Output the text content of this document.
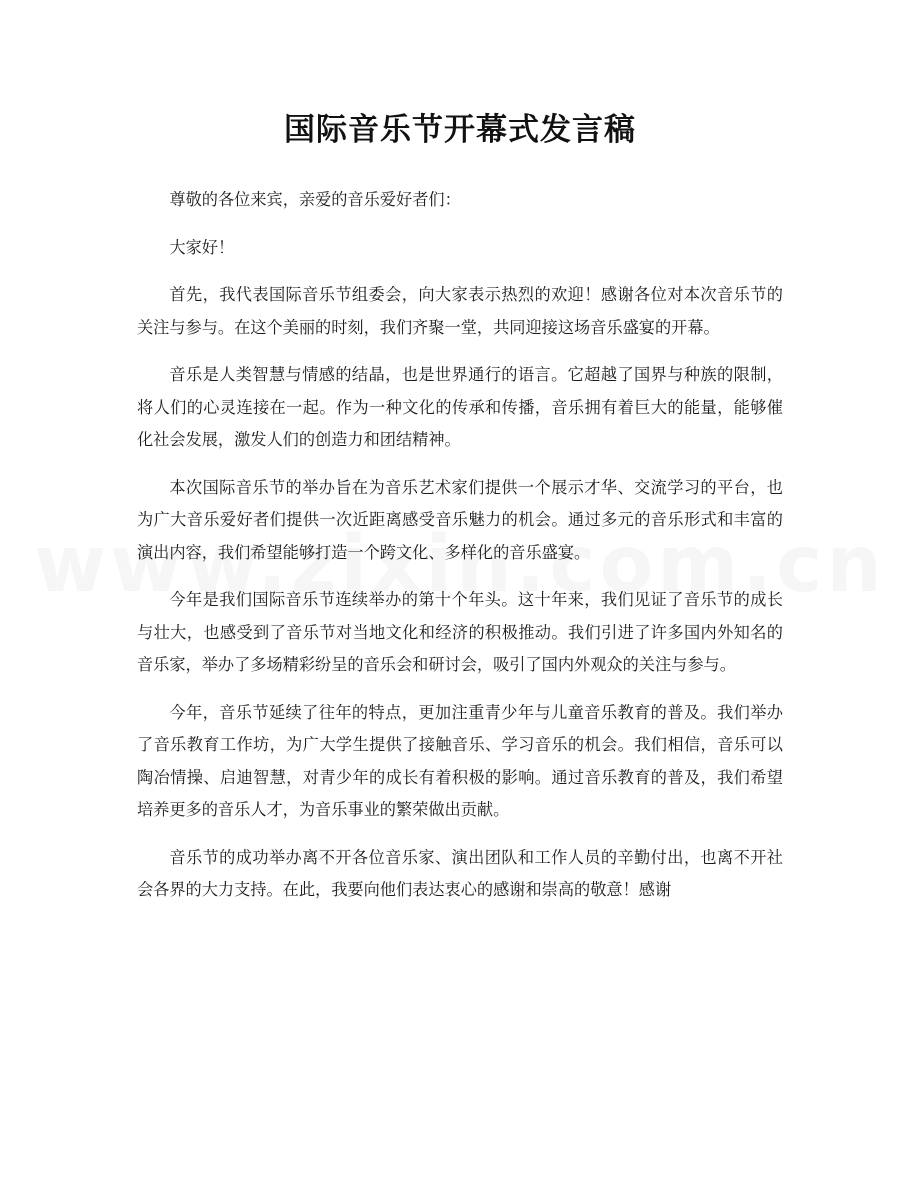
国际音乐节开幕式发言稿

尊敬的各位来宾，亲爱的音乐爱好者们：

大家好！

首先，我代表国际音乐节组委会，向大家表示热烈的欢迎！感谢各位对本次音乐节的关注与参与。在这个美丽的时刻，我们齐聚一堂，共同迎接这场音乐盛宴的开幕。

音乐是人类智慧与情感的结晶，也是世界通行的语言。它超越了国界与种族的限制，将人们的心灵连接在一起。作为一种文化的传承和传播，音乐拥有着巨大的能量，能够催化社会发展，激发人们的创造力和团结精神。

本次国际音乐节的举办旨在为音乐艺术家们提供一个展示才华、交流学习的平台，也为广大音乐爱好者们提供一次近距离感受音乐魅力的机会。通过多元的音乐形式和丰富的演出内容，我们希望能够打造一个跨文化、多样化的音乐盛宴。

今年是我们国际音乐节连续举办的第十个年头。这十年来，我们见证了音乐节的成长与壮大，也感受到了音乐节对当地文化和经济的积极推动。我们引进了许多国内外知名的音乐家，举办了多场精彩纷呈的音乐会和研讨会，吸引了国内外观众的关注与参与。

今年，音乐节延续了往年的特点，更加注重青少年与儿童音乐教育的普及。我们举办了音乐教育工作坊，为广大学生提供了接触音乐、学习音乐的机会。我们相信，音乐可以陶冶情操、启迪智慧，对青少年的成长有着积极的影响。通过音乐教育的普及，我们希望培养更多的音乐人才，为音乐事业的繁荣做出贡献。

音乐节的成功举办离不开各位音乐家、演出团队和工作人员的辛勤付出，也离不开社会各界的大力支持。在此，我要向他们表达衷心的感谢和崇高的敬意！感谢
